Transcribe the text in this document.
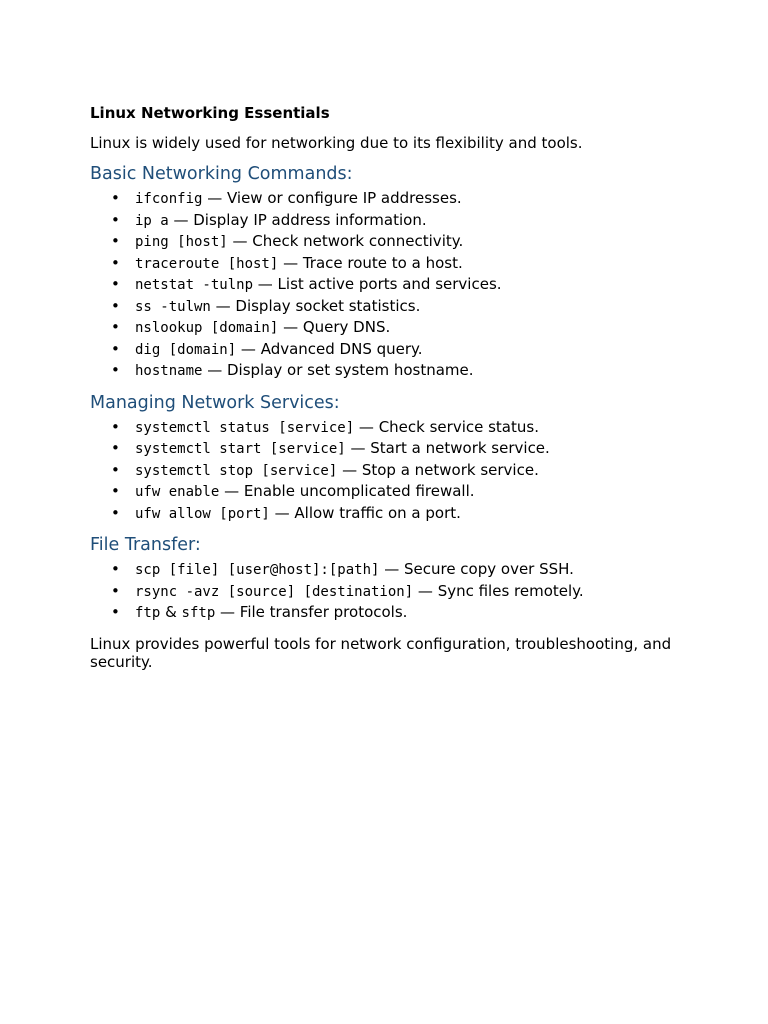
Linux Networking Essentials

Linux is widely used for networking due to its flexibility and tools.

Basic Networking Commands:
• ifconfig — View or configure IP addresses.
• ip a — Display IP address information.
• ping [host] — Check network connectivity.
• traceroute [host] — Trace route to a host.
• netstat -tulnp — List active ports and services.
• ss -tulwn — Display socket statistics.
• nslookup [domain] — Query DNS.
• dig [domain] — Advanced DNS query.
• hostname — Display or set system hostname.
Managing Network Services:
• systemctl status [service] — Check service status.
• systemctl start [service] — Start a network service.
• systemctl stop [service] — Stop a network service.
• ufw enable — Enable uncomplicated firewall.
• ufw allow [port] — Allow traffic on a port.
File Transfer:
• scp [file] [user@host]:[path] — Secure copy over SSH.
• rsync -avz [source] [destination] — Sync files remotely.
• ftp & sftp — File transfer protocols.

Linux provides powerful tools for network configuration, troubleshooting, and security.
